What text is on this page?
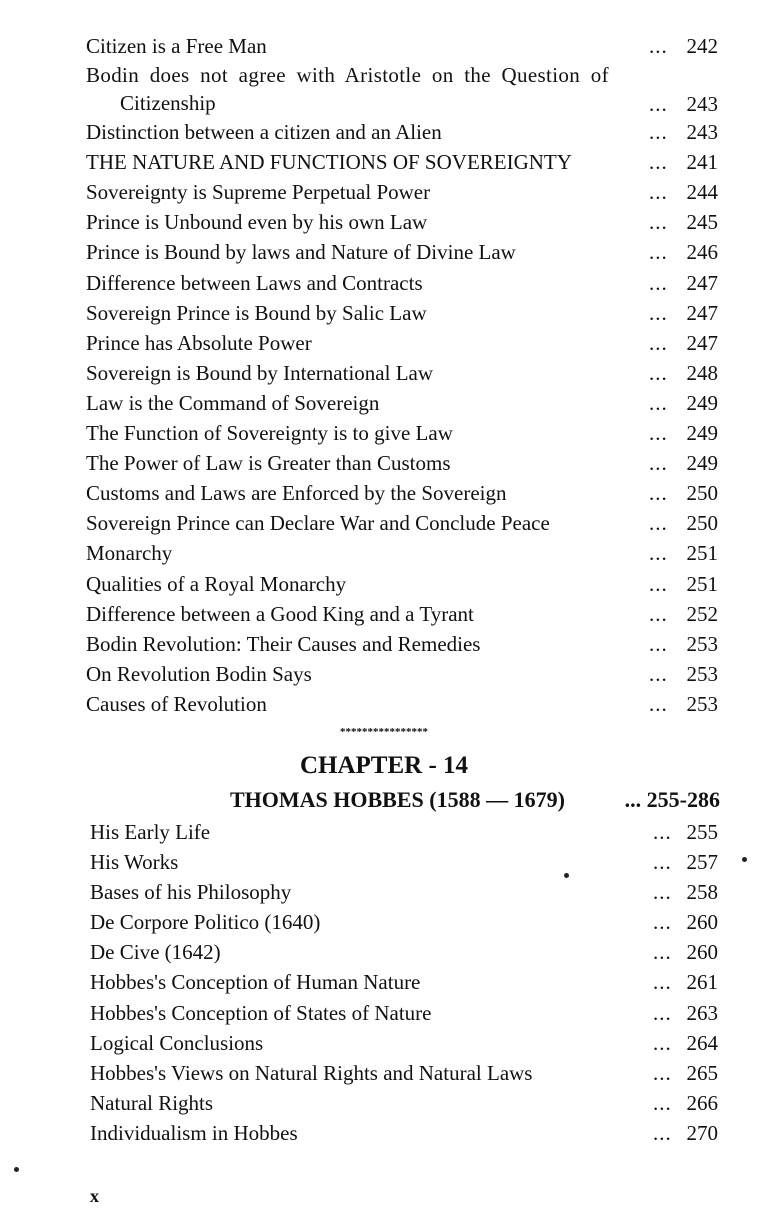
Citizen is a Free Man	... 242
Bodin does not agree with Aristotle on the Question of
Citizenship	... 243
Distinction between a citizen and an Alien	... 243
THE NATURE AND FUNCTIONS OF SOVEREIGNTY	... 241
Sovereignty is Supreme Perpetual Power	... 244
Prince is Unbound even by his own Law	... 245
Prince is Bound by laws and Nature of Divine Law	... 246
Difference between Laws and Contracts	... 247
Sovereign Prince is Bound by Salic Law	... 247
Prince has Absolute Power	... 247
Sovereign is Bound by International Law	... 248
Law is the Command of Sovereign	... 249
The Function of Sovereignty is to give Law	... 249
The Power of Law is Greater than Customs	... 249
Customs and Laws are Enforced by the Sovereign	... 250
Sovereign Prince can Declare War and Conclude Peace	... 250
Monarchy	... 251
Qualities of a Royal Monarchy	... 251
Difference between a Good King and a Tyrant	... 252
Bodin Revolution: Their Causes and Remedies	... 253
On Revolution Bodin Says	... 253
Causes of Revolution	... 253
****************
CHAPTER - 14
THOMAS HOBBES (1588 — 1679)	... 255-286
His Early Life	... 255
His Works	... 257
Bases of his Philosophy	... 258
De Corpore Politico (1640)	... 260
De Cive (1642)	... 260
Hobbes's Conception of Human Nature	... 261
Hobbes's Conception of States of Nature	... 263
Logical Conclusions	... 264
Hobbes's Views on Natural Rights and Natural Laws	... 265
Natural Rights	... 266
Individualism in Hobbes	... 270
x
